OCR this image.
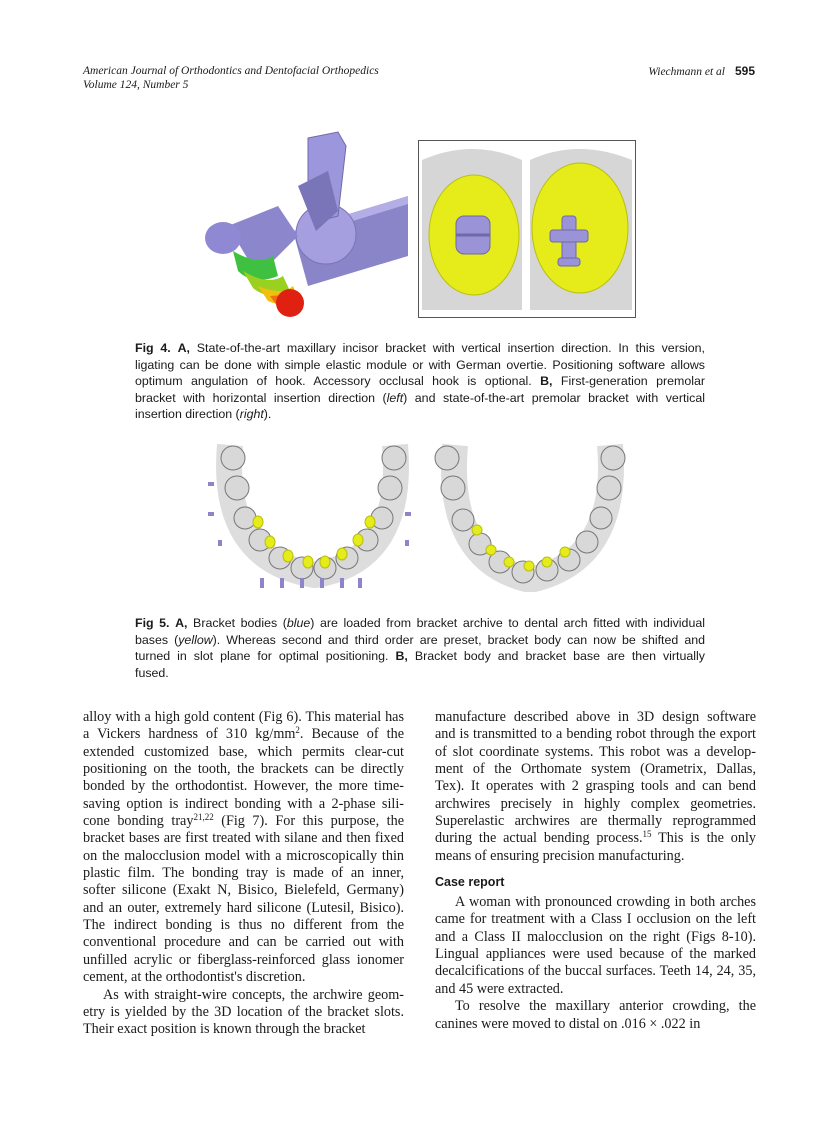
American Journal of Orthodontics and Dentofacial Orthopedics
Volume 124, Number 5
Wiechmann et al 595
Fig 4. A, State-of-the-art maxillary incisor bracket with vertical insertion direction. In this version,
ligating can be done with simple elastic module or with German overtie. Positioning software allows
optimum angulation of hook. Accessory occlusal hook is optional. B, First-generation premolar
bracket with horizontal insertion direction (left) and state-of-the-art premolar bracket with vertical
insertion direction (right).
Fig 5. A, Bracket bodies (blue) are loaded from bracket archive to dental arch fitted with individual
bases (yellow). Whereas second and third order are preset, bracket body can now be shifted and
turned in slot plane for optimal positioning. B, Bracket body and bracket base are then virtually
fused.
alloy with a high gold content (Fig 6). This material has
a Vickers hardness of 310 $kg/mm^2$. Because of the
extended customized base, which permits clear-cut
positioning on the tooth, the brackets can be directly
bonded by the orthodontist. However, the more time-
saving option is indirect bonding with a 2-phase sili-
cone bonding tray$^{21,22}$ (Fig 7). For this purpose, the
bracket bases are first treated with silane and then fixed
on the malocclusion model with a microscopically thin
plastic film. The bonding tray is made of an inner,
softer silicone (Exakt N, Bisico, Bielefeld, Germany)
and an outer, extremely hard silicone (Lutesil, Bisico).
The indirect bonding is thus no different from the
conventional procedure and can be carried out with
unfilled acrylic or fiberglass-reinforced glass ionomer
cement, at the orthodontist's discretion.
As with straight-wire concepts, the archwire geom-
etry is yielded by the 3D location of the bracket slots.
Their exact position is known through the bracket
manufacture described above in 3D design software
and is transmitted to a bending robot through the export
of slot coordinate systems. This robot was a develop-
ment of the Orthomate system (Orametrix, Dallas,
Tex). It operates with 2 grasping tools and can bend
archwires precisely in highly complex geometries.
Superelastic archwires are thermally reprogrammed
during the actual bending process.$^{15}$ This is the only
means of ensuring precision manufacturing.
Case report
A woman with pronounced crowding in both arches
came for treatment with a Class I occlusion on the left
and a Class II malocclusion on the right (Figs 8-10).
Lingual appliances were used because of the marked
decalcifications of the buccal surfaces. Teeth 14, 24, 35,
and 45 were extracted.
To resolve the maxillary anterior crowding, the
canines were moved to distal on .016 × .022 in
